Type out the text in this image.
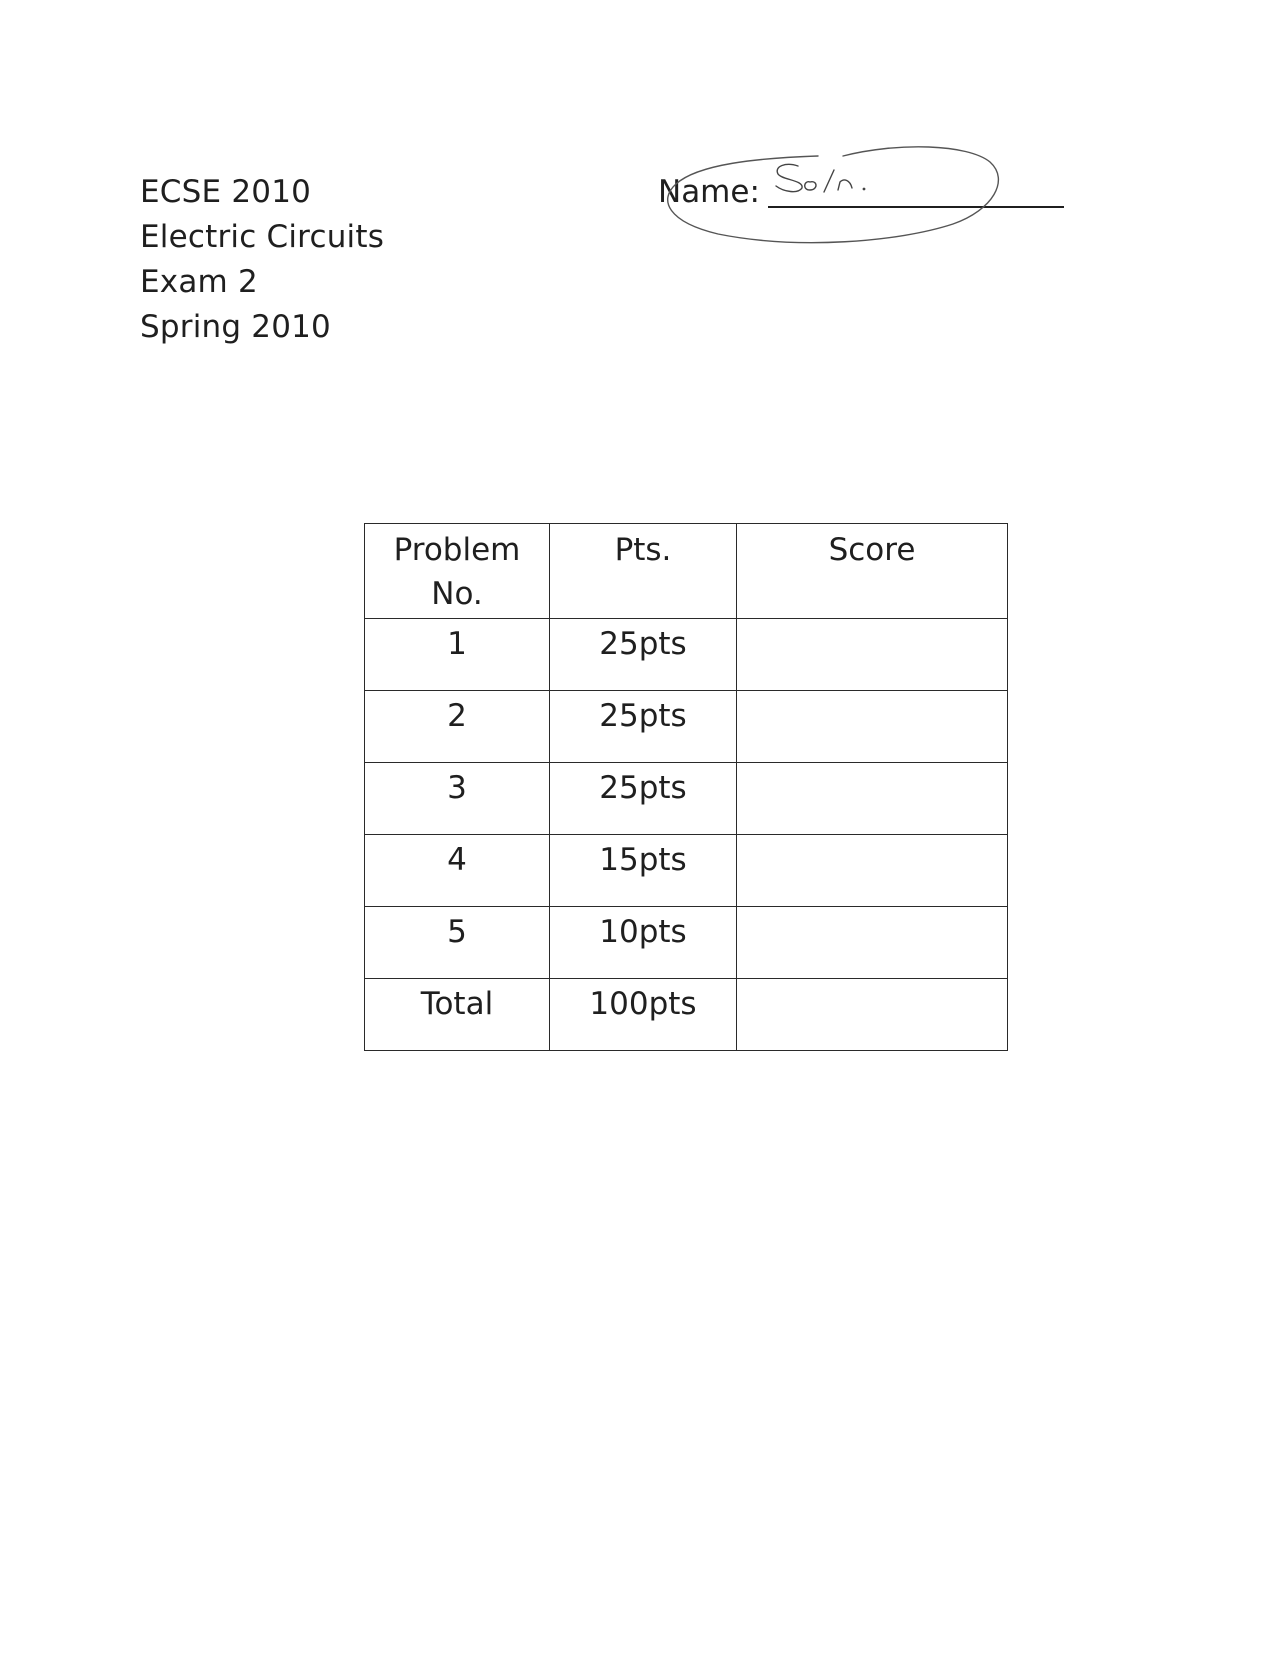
ECSE 2010
Electric Circuits
Exam 2
Spring 2010
Name:
Problem
No.	Pts.	Score
1	25pts	
2	25pts	
3	25pts	
4	15pts	
5	10pts	
Total	100pts	
